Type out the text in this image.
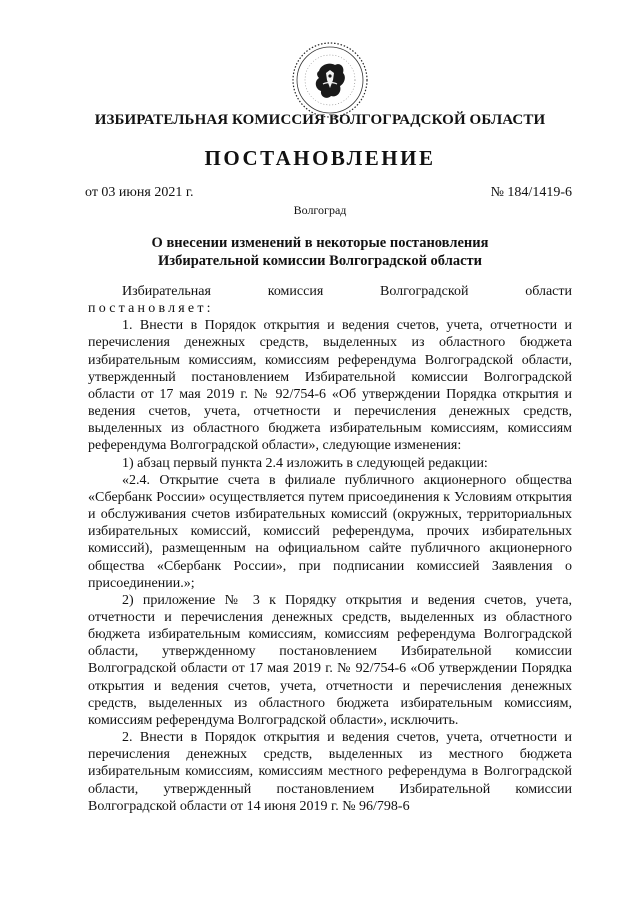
ИЗБИРАТЕЛЬНАЯ КОМИССИЯ ВОЛГОГРАДСКОЙ ОБЛАСТИ
ПОСТАНОВЛЕНИЕ
от 03 июня 2021 г.	№ 184/1419-6
Волгоград
О внесении изменений в некоторые постановления
Избирательной комиссии Волгоградской области

Избирательная комиссия Волгоградской области

постановляет:

1. Внести в Порядок открытия и ведения счетов, учета, отчетности и перечисления денежных средств, выделенных из областного бюджета избирательным комиссиям, комиссиям референдума Волгоградской области, утвержденный постановлением Избирательной комиссии Волгоградской области от 17 мая 2019 г. № 92/754-6 «Об утверждении Порядка открытия и ведения счетов, учета, отчетности и перечисления денежных средств, выделенных из областного бюджета избирательным комиссиям, комиссиям референдума Волгоградской области», следующие изменения:

1) абзац первый пункта 2.4 изложить в следующей редакции:

«2.4. Открытие счета в филиале публичного акционерного общества «Сбербанк России» осуществляется путем присоединения к Условиям открытия и обслуживания счетов избирательных комиссий (окружных, территориальных избирательных комиссий, комиссий референдума, прочих избирательных комиссий), размещенным на официальном сайте публичного акционерного общества «Сбербанк России», при подписании комиссией Заявления о присоединении.»;

2) приложение № 3 к Порядку открытия и ведения счетов, учета, отчетности и перечисления денежных средств, выделенных из областного бюджета избирательным комиссиям, комиссиям референдума Волгоградской области, утвержденному постановлением Избирательной комиссии Волгоградской области от 17 мая 2019 г. № 92/754-6 «Об утверждении Порядка открытия и ведения счетов, учета, отчетности и перечисления денежных средств, выделенных из областного бюджета избирательным комиссиям, комиссиям референдума Волгоградской области», исключить.

2. Внести в Порядок открытия и ведения счетов, учета, отчетности и перечисления денежных средств, выделенных из местного бюджета избирательным комиссиям, комиссиям местного референдума в Волгоградской области, утвержденный постановлением Избирательной комиссии Волгоградской области от 14 июня 2019 г. № 96/798-6
